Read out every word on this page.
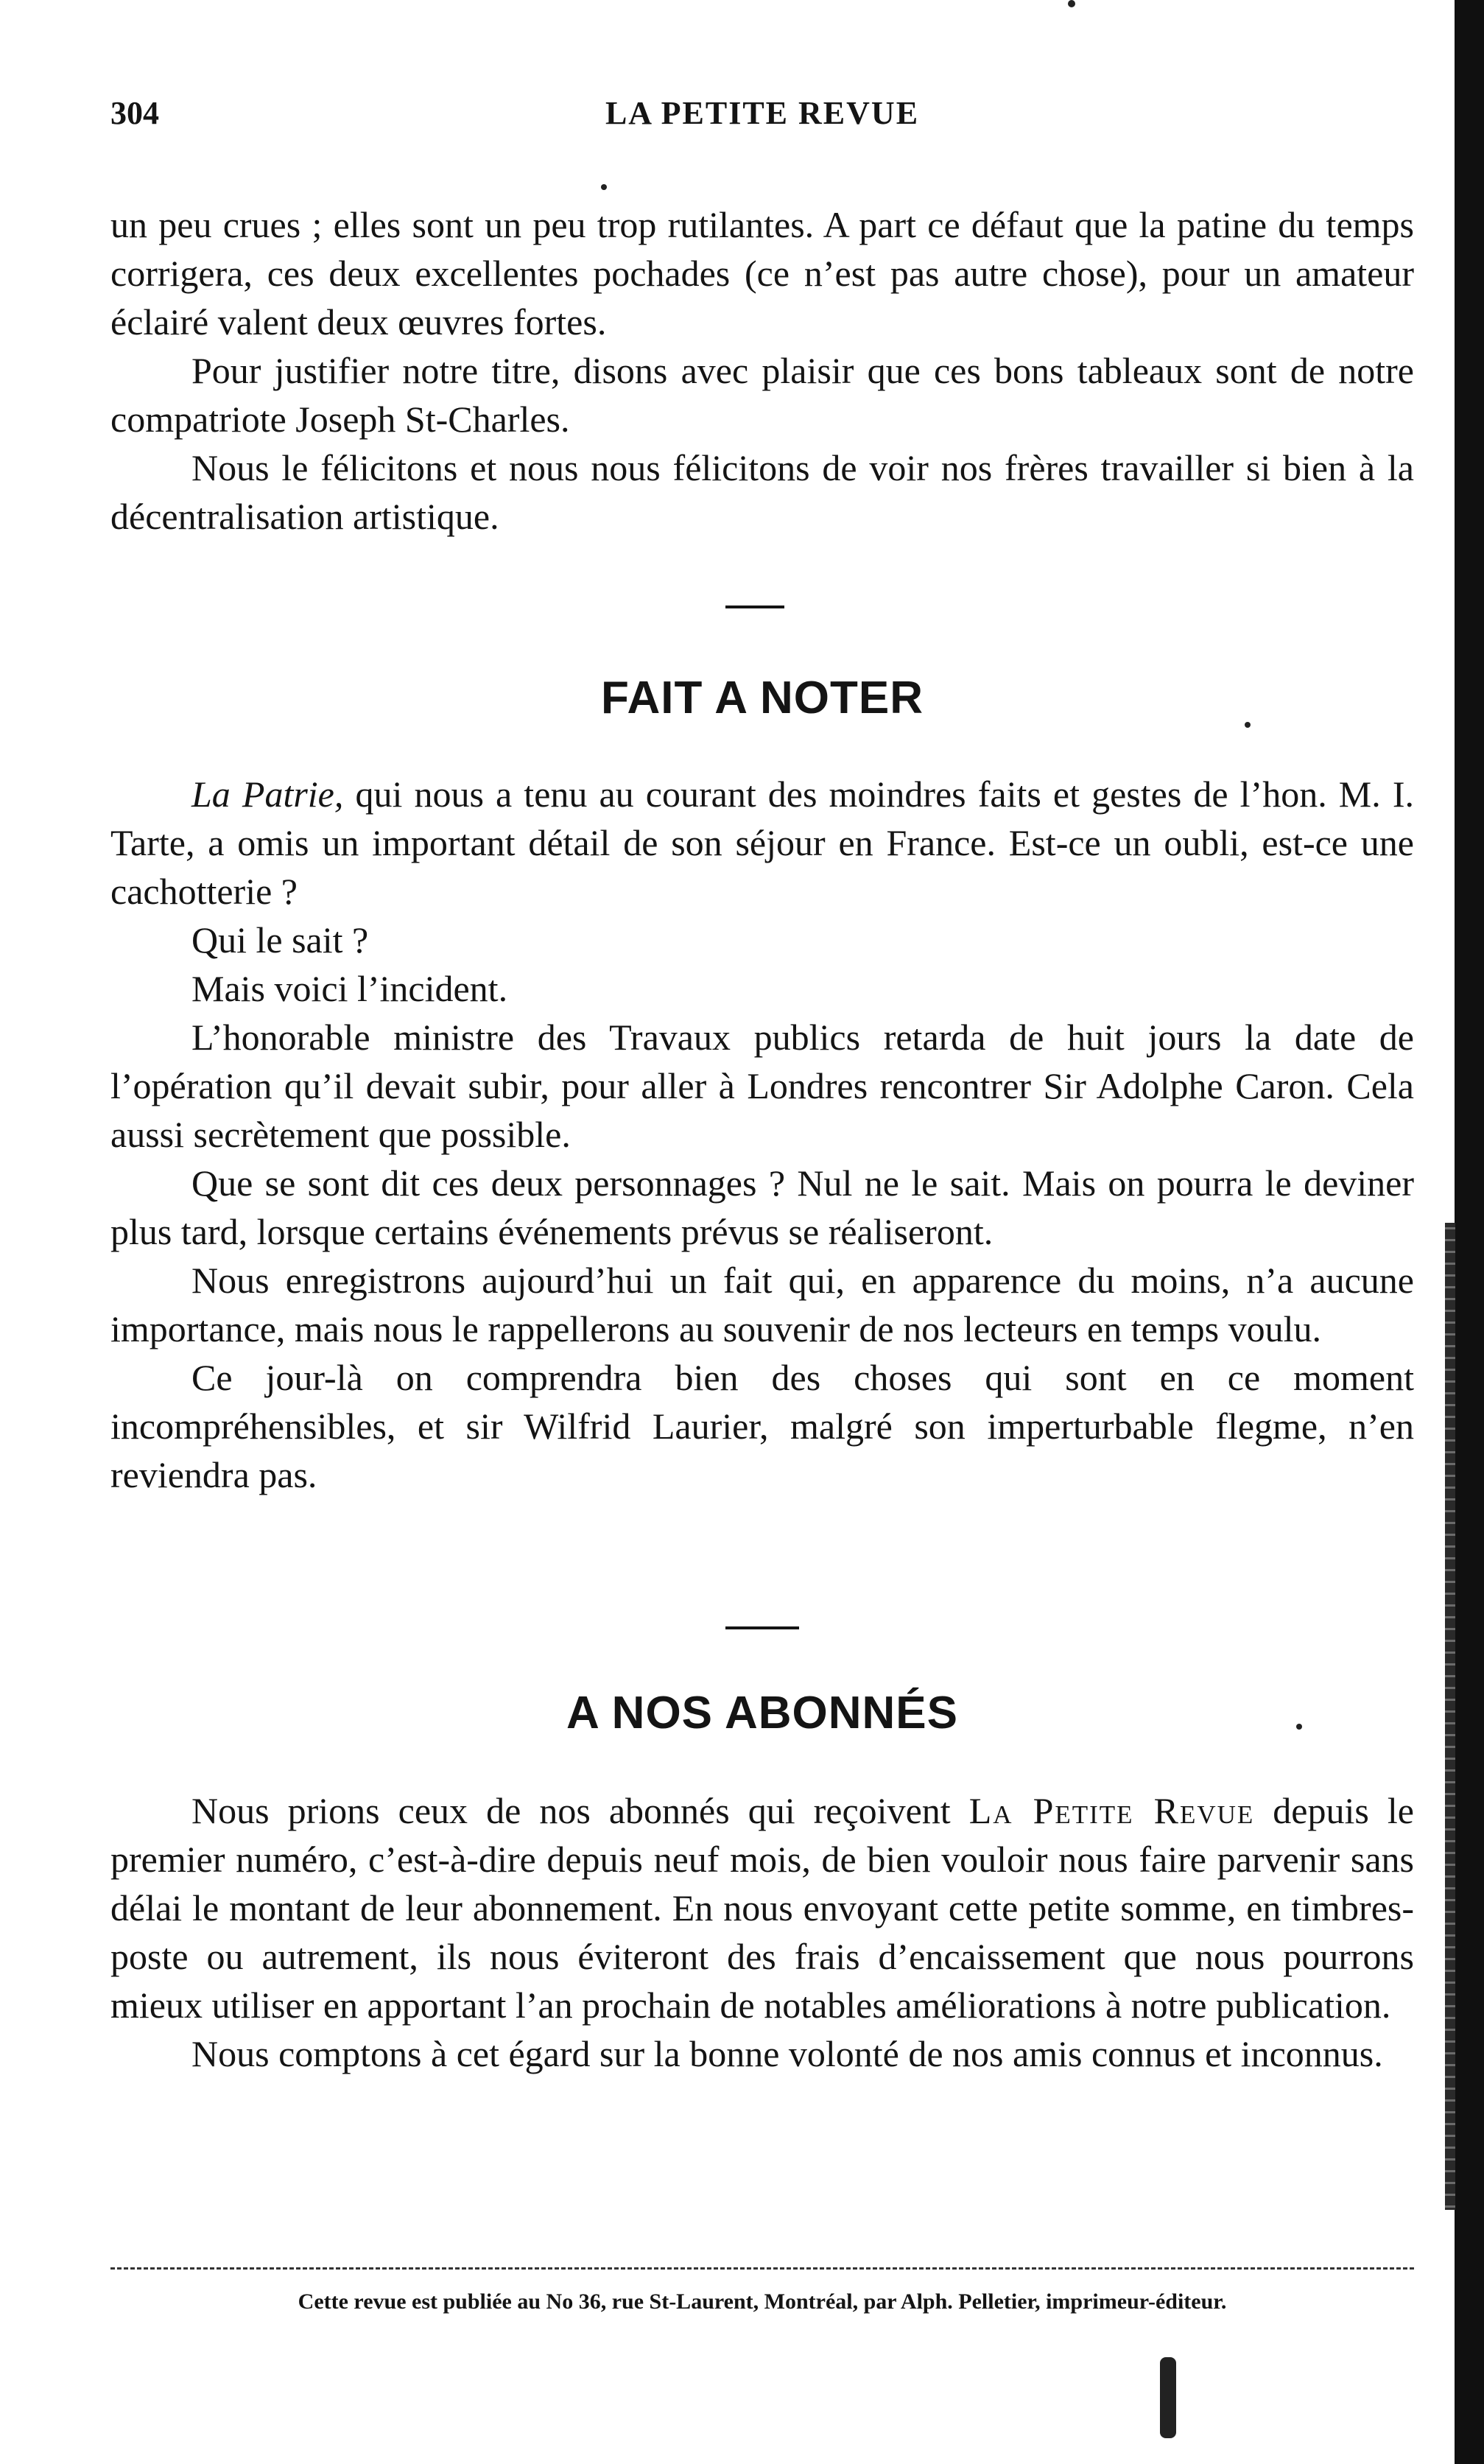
304	LA PETITE REVUE

un peu crues ; elles sont un peu trop rutilantes. A part ce défaut que la patine du temps corrigera, ces deux excellentes pochades (ce n’est pas autre chose), pour un amateur éclairé valent deux œuvres fortes.

Pour justifier notre titre, disons avec plaisir que ces bons tableaux sont de notre compatriote Joseph St-Charles.

Nous le félicitons et nous nous félicitons de voir nos frères travailler si bien à la décentralisation artistique.

FAIT A NOTER

La Patrie, qui nous a tenu au courant des moindres faits et gestes de l’hon. M. I. Tarte, a omis un important détail de son séjour en France. Est-ce un oubli, est-ce une cachotterie ?

Qui le sait ?

Mais voici l’incident.

L’honorable ministre des Travaux publics retarda de huit jours la date de l’opération qu’il devait subir, pour aller à Londres rencontrer Sir Adolphe Caron. Cela aussi secrètement que possible.

Que se sont dit ces deux personnages ? Nul ne le sait. Mais on pourra le deviner plus tard, lorsque certains événements prévus se réaliseront.

Nous enregistrons aujourd’hui un fait qui, en apparence du moins, n’a aucune importance, mais nous le rappellerons au souvenir de nos lecteurs en temps voulu.

Ce jour-là on comprendra bien des choses qui sont en ce moment incompréhensibles, et sir Wilfrid Laurier, malgré son imperturbable flegme, n’en reviendra pas.

A NOS ABONNÉS

Nous prions ceux de nos abonnés qui reçoivent La Petite Revue depuis le premier numéro, c’est-à-dire depuis neuf mois, de bien vouloir nous faire parvenir sans délai le montant de leur abonnement. En nous envoyant cette petite somme, en timbres-poste ou autrement, ils nous éviteront des frais d’encaissement que nous pourrons mieux utiliser en apportant l’an prochain de notables améliorations à notre publication.

Nous comptons à cet égard sur la bonne volonté de nos amis connus et inconnus.

Cette revue est publiée au No 36, rue St-Laurent, Montréal, par Alph. Pelletier, imprimeur-éditeur.
